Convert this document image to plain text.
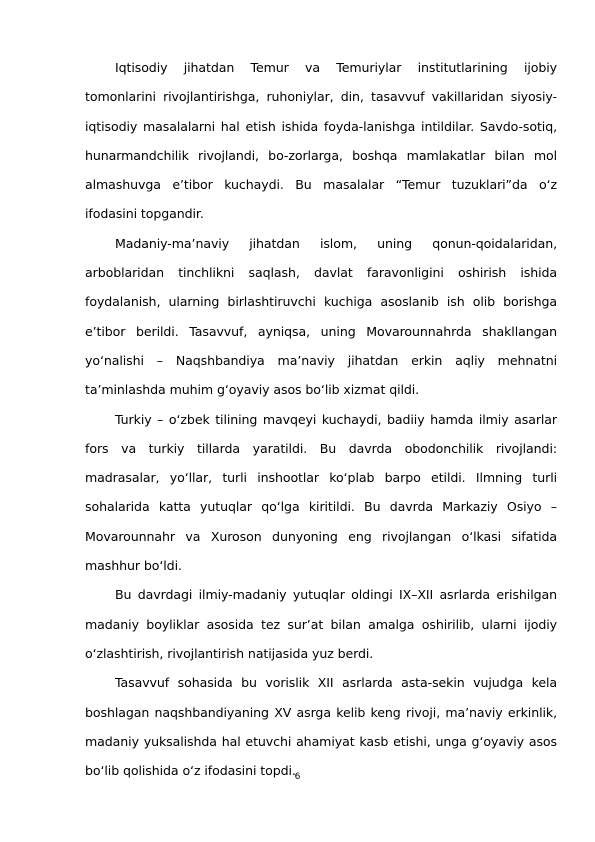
Iqtisodiy jihatdan Temur va Temuriylar institutlarining ijobiy tomonlarini rivojlantirishga, ruhoniylar, din, tasavvuf vakillaridan siyosiy-iqtisodiy masalalarni hal etish ishida foyda-lanishga intildilar. Savdo-sotiq, hunarmandchilik rivojlandi, bo-zorlarga, boshqa mamlakatlar bilan mol almashuvga e’tibor kuchaydi. Bu masalalar “Temur tuzuklari”da o‘z ifodasini topgandir.

Madaniy-ma’naviy jihatdan islom, uning qonun-qoidalaridan, arboblaridan tinchlikni saqlash, davlat faravonligini oshirish ishida foydalanish, ularning birlashtiruvchi kuchiga asoslanib ish olib borishga e’tibor berildi. Tasavvuf, ayniqsa, uning Movarounnahrda shakllangan yo‘nalishi – Naqshbandiya ma’naviy jihatdan erkin aqliy mehnatni ta’minlashda muhim g‘oyaviy asos bo‘lib xizmat qildi.

Turkiy – o‘zbek tilining mavqeyi kuchaydi, badiiy hamda ilmiy asarlar fors va turkiy tillarda yaratildi. Bu davrda obodonchilik rivojlandi: madrasalar, yo‘llar, turli inshootlar ko‘plab barpo etildi. Ilmning turli sohalarida katta yutuqlar qo‘lga kiritildi. Bu davrda Markaziy Osiyo – Movarounnahr va Xuroson dunyoning eng rivojlangan o‘lkasi sifatida mashhur bo‘ldi.

Bu davrdagi ilmiy-madaniy yutuqlar oldingi IX–XII asrlarda erishilgan madaniy boyliklar asosida tez sur’at bilan amalga oshirilib, ularni ijodiy o‘zlashtirish, rivojlantirish natijasida yuz berdi.

Tasavvuf sohasida bu vorislik XII asrlarda asta-sekin vujudga kela boshlagan naqshbandiyaning XV asrga kelib keng rivoji, ma’naviy erkinlik, madaniy yuksalishda hal etuvchi ahamiyat kasb etishi, unga g‘oyaviy asos bo‘lib qolishida o‘z ifodasini topdi.

6
